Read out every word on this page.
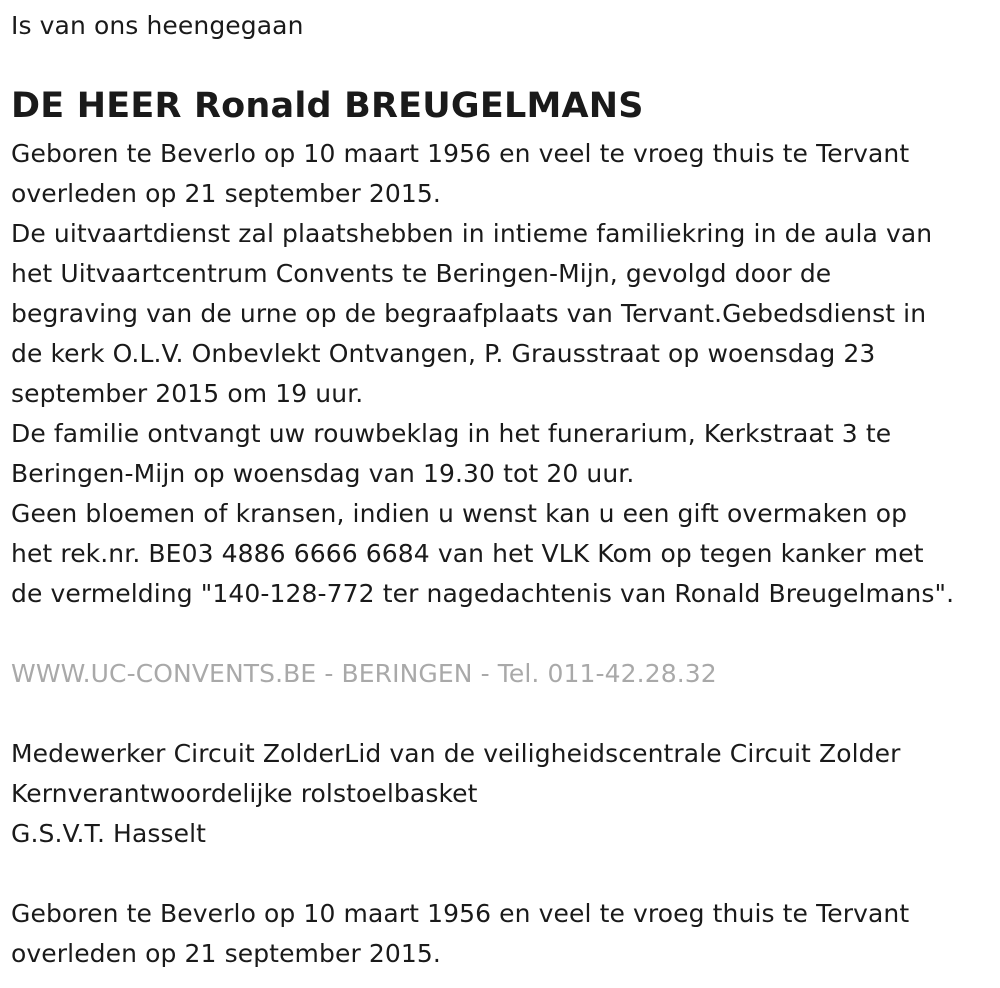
Is van ons heengegaan
DE HEER Ronald BREUGELMANS
Geboren te Beverlo op 10 maart 1956 en veel te vroeg thuis te Tervant
overleden op 21 september 2015.
De uitvaartdienst zal plaatshebben in intieme familiekring in de aula van
het Uitvaartcentrum Convents te Beringen-Mijn, gevolgd door de
begraving van de urne op de begraafplaats van Tervant.Gebedsdienst in
de kerk O.L.V. Onbevlekt Ontvangen, P. Grausstraat op woensdag 23
september 2015 om 19 uur.
De familie ontvangt uw rouwbeklag in het funerarium, Kerkstraat 3 te
Beringen-Mijn op woensdag van 19.30 tot 20 uur.
Geen bloemen of kransen, indien u wenst kan u een gift overmaken op
het rek.nr. BE03 4886 6666 6684 van het VLK Kom op tegen kanker met
de vermelding "140-128-772 ter nagedachtenis van Ronald Breugelmans".
WWW.UC-CONVENTS.BE - BERINGEN - Tel. 011-42.28.32
Medewerker Circuit ZolderLid van de veiligheidscentrale Circuit Zolder
Kernverantwoordelijke rolstoelbasket
G.S.V.T. Hasselt
Geboren te Beverlo op 10 maart 1956 en veel te vroeg thuis te Tervant
overleden op 21 september 2015.
